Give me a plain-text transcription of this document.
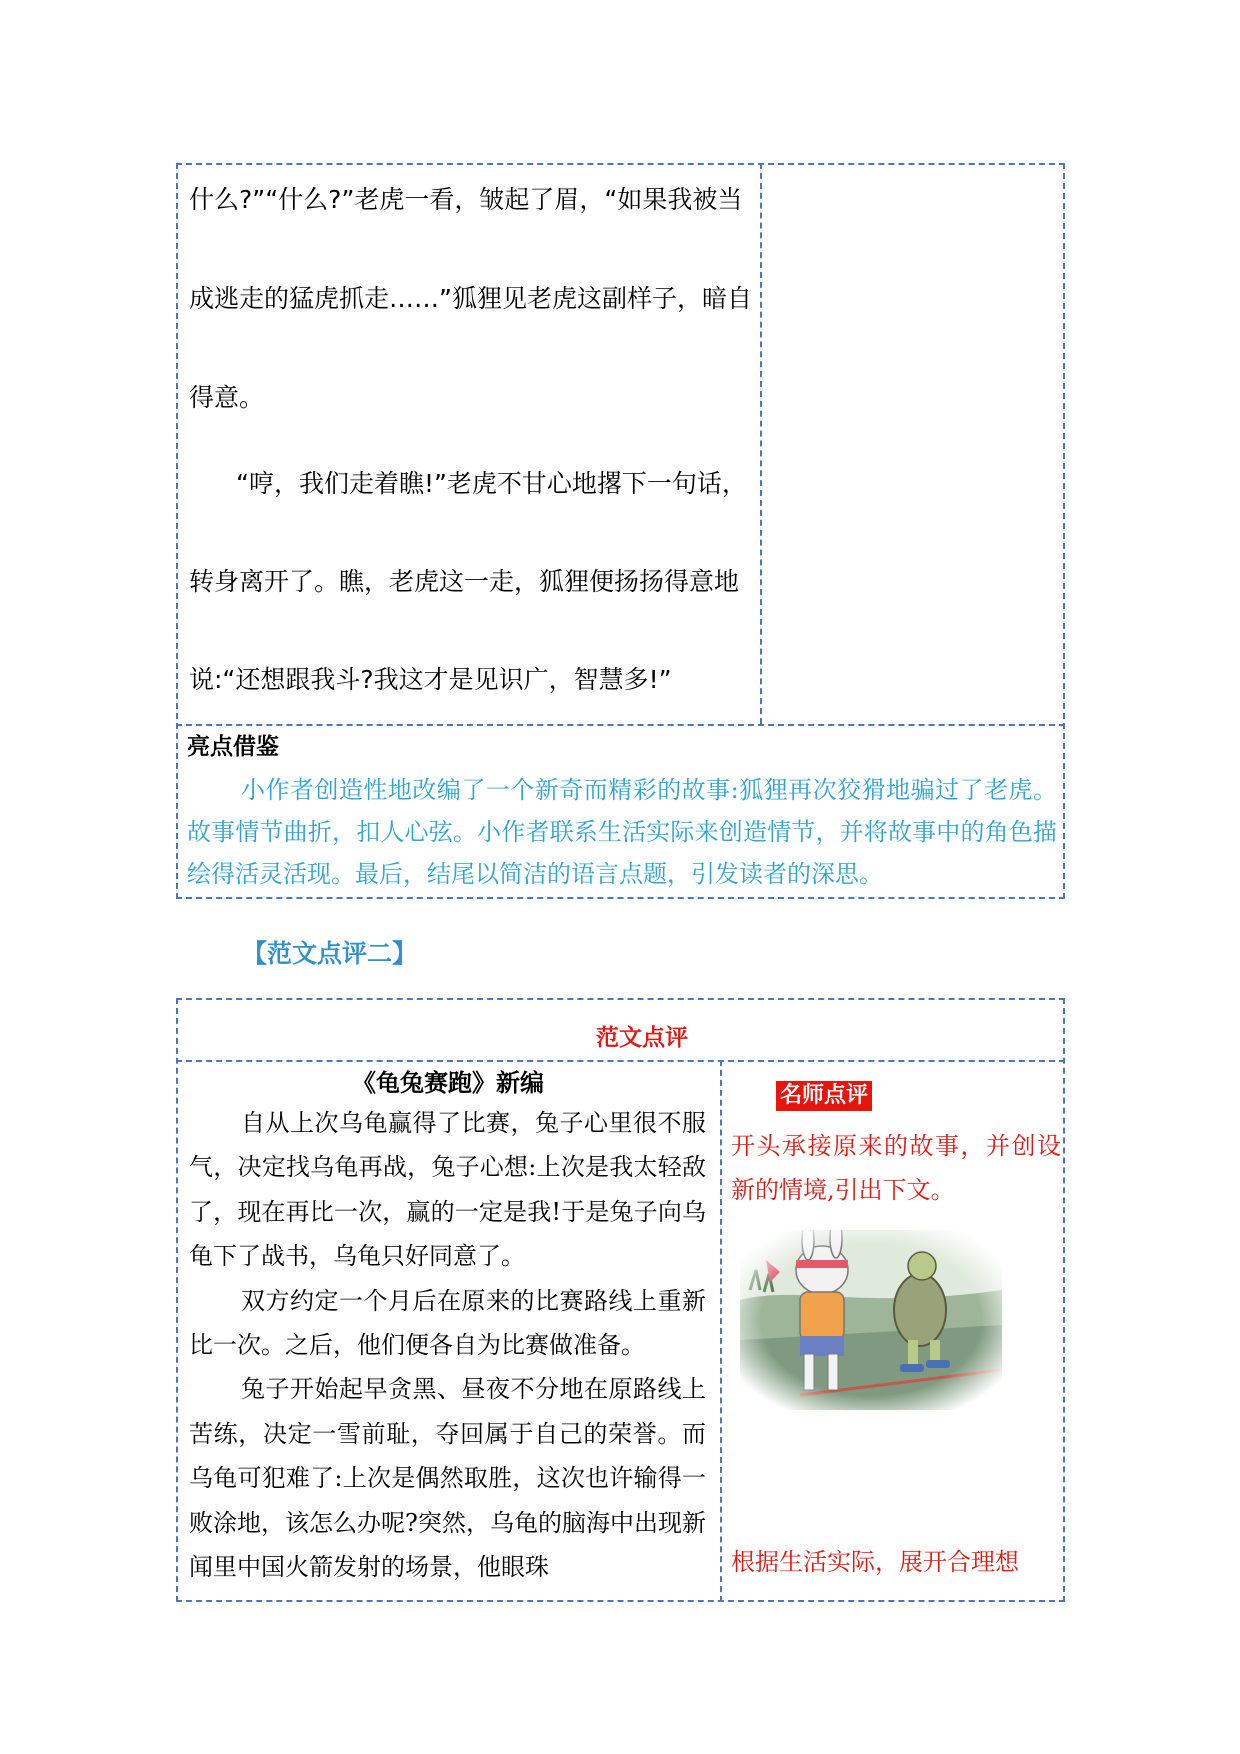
什么?”“什么?”老虎一看，皱起了眉，“如果我被当
成逃走的猛虎抓走……”狐狸见老虎这副样子，暗自
得意。
“哼，我们走着瞧!”老虎不甘心地撂下一句话，
转身离开了。瞧，老虎这一走，狐狸便扬扬得意地
说:“还想跟我斗?我这才是见识广，智慧多!”
亮点借鉴
小作者创造性地改编了一个新奇而精彩的故事:狐狸再次狡猾地骗过了老虎。故事情节曲折，扣人心弦。小作者联系生活实际来创造情节，并将故事中的角色描绘得活灵活现。最后，结尾以简洁的语言点题，引发读者的深思。
【范文点评二】
范文点评
《龟兔赛跑》新编

自从上次乌龟赢得了比赛，兔子心里很不服气，决定找乌龟再战，兔子心想:上次是我太轻敌了，现在再比一次，赢的一定是我!于是兔子向乌龟下了战书，乌龟只好同意了。

双方约定一个月后在原来的比赛路线上重新比一次。之后，他们便各自为比赛做准备。

兔子开始起早贪黑、昼夜不分地在原路线上苦练，决定一雪前耻，夺回属于自己的荣誉。而乌龟可犯难了:上次是偶然取胜，这次也许输得一败涂地，该怎么办呢?突然，乌龟的脑海中出现新闻里中国火箭发射的场景，他眼珠

名师点评
开头承接原来的故事，并创设新的情境,引出下文。
根据生活实际，展开合理想
